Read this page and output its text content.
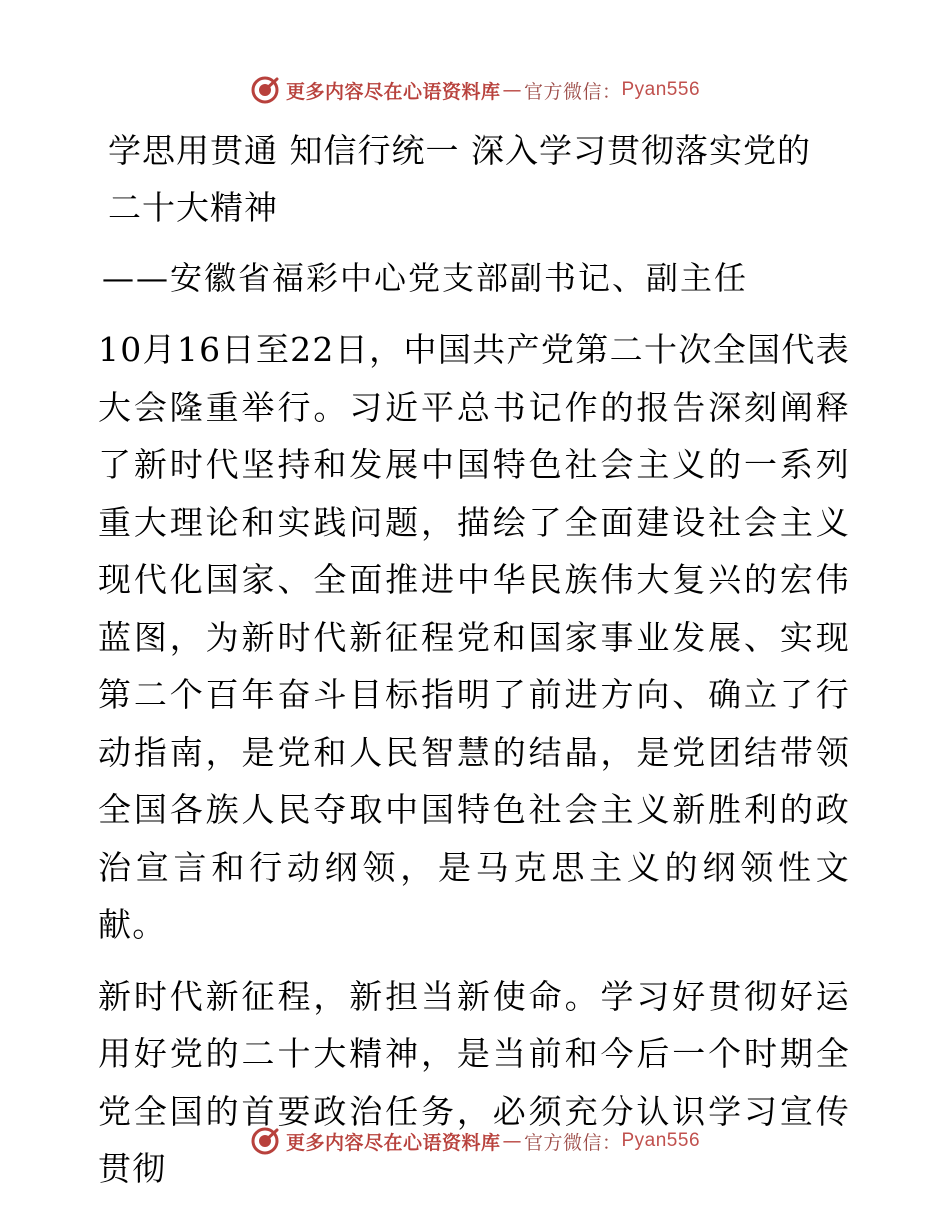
更多内容尽在心语资料库 — 官方微信： Pyan556
学思用贯通 知信行统一 深入学习贯彻落实党的
二十大精神
——安徽省福彩中心党支部副书记、副主任

10月16日至22日，中国共产党第二十次全国代表大会隆重举行。习近平总书记作的报告深刻阐释了新时代坚持和发展中国特色社会主义的一系列重大理论和实践问题，描绘了全面建设社会主义现代化国家、全面推进中华民族伟大复兴的宏伟蓝图，为新时代新征程党和国家事业发展、实现第二个百年奋斗目标指明了前进方向、确立了行动指南，是党和人民智慧的结晶，是党团结带领全国各族人民夺取中国特色社会主义新胜利的政治宣言和行动纲领，是马克思主义的纲领性文献。

新时代新征程，新担当新使命。学习好贯彻好运用好党的二十大精神，是当前和今后一个时期全党全国的首要政治任务，必须充分认识学习宣传贯彻

更多内容尽在心语资料库 — 官方微信： Pyan556
